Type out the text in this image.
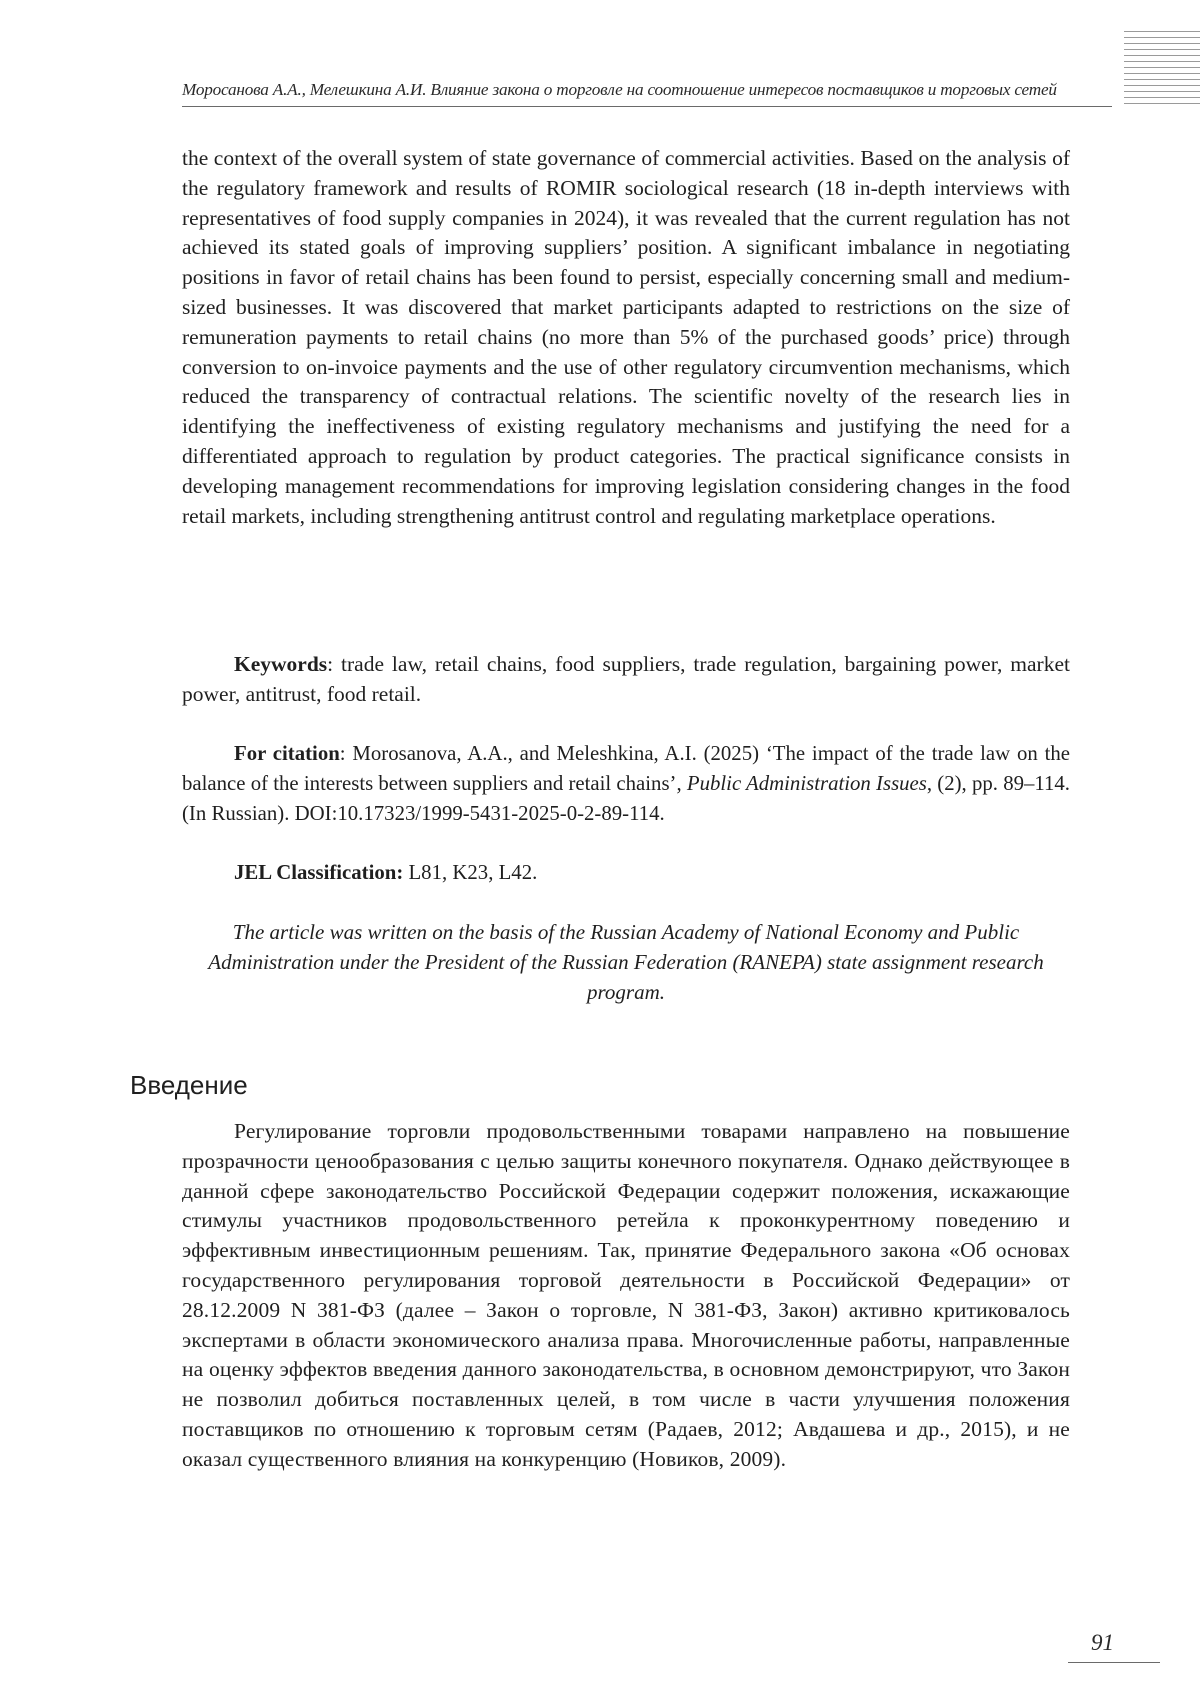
Моросанова А.А., Мелешкина А.И. Влияние закона о торговле на соотношение интересов поставщиков и торговых сетей

the context of the overall system of state governance of commercial activities. Based on the analysis of the regulatory framework and results of ROMIR sociological research (18 in-depth interviews with representatives of food supply companies in 2024), it was revealed that the current regulation has not achieved its stated goals of improving suppliers’ position. A significant imbalance in negotiating positions in favor of retail chains has been found to persist, especially concerning small and medium-sized businesses. It was discovered that market participants adapted to restrictions on the size of remuneration payments to retail chains (no more than 5% of the purchased goods’ price) through conversion to on-invoice payments and the use of other regulatory circumvention mechanisms, which reduced the transparency of contractual relations. The scientific novelty of the research lies in identifying the ineffectiveness of existing regulatory mechanisms and justifying the need for a differentiated approach to regulation by product categories. The practical significance consists in developing management recommendations for improving legislation considering changes in the food retail markets, including strengthening antitrust control and regulating marketplace operations.

Keywords: trade law, retail chains, food suppliers, trade regulation, bargaining power, market power, antitrust, food retail.

For citation: Morosanova, A.A., and Meleshkina, A.I. (2025) ‘The impact of the trade law on the balance of the interests between suppliers and retail chains’, Public Administration Issues, (2), pp. 89–114. (In Russian). DOI:10.17323/1999-5431-2025-0-2-89-114.

JEL Classification: L81, K23, L42.

The article was written on the basis of the Russian Academy of National Economy and Public Administration under the President of the Russian Federation (RANEPA) state assignment research program.

Введение

Регулирование торговли продовольственными товарами направлено на повышение прозрачности ценообразования с целью защиты конечного покупателя. Однако действующее в данной сфере законодательство Российской Федерации содержит положения, искажающие стимулы участников продовольственного ретейла к проконкурентному поведению и эффективным инвестиционным решениям. Так, принятие Федерального закона «Об основах государственного регулирования торговой деятельности в Российской Федерации» от 28.12.2009 N 381-ФЗ (далее – Закон о торговле, N 381-ФЗ, Закон) активно критиковалось экспертами в области экономического анализа права. Многочисленные работы, направленные на оценку эффектов введения данного законодательства, в основном демонстрируют, что Закон не позволил добиться поставленных целей, в том числе в части улучшения положения поставщиков по отношению к торговым сетям (Радаев, 2012; Авдашева и др., 2015), и не оказал существенного влияния на конкуренцию (Новиков, 2009).

91
